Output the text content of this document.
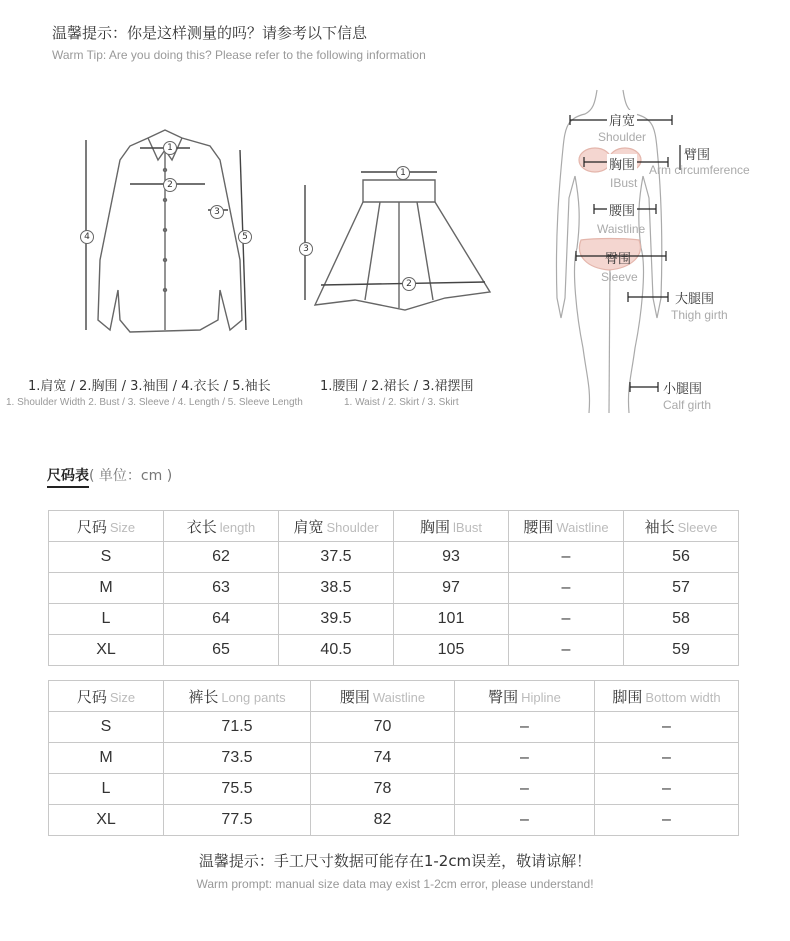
温馨提示：你是这样测量的吗？请参考以下信息
Warm Tip: Are you doing this? Please refer to the following information
1
2
3
4	5
1.肩宽 / 2.胸围 / 3.袖围 / 4.衣长 / 5.袖长
1. Shoulder Width 2. Bust / 3. Sleeve / 4. Length / 5. Sleeve Length
1
2
3
1.腰围 / 2.裙长 / 3.裙摆围
1. Waist / 2. Skirt / 3. Skirt
肩宽
Shoulder
胸围
IBust
臂围
Arm circumference
腰围
Waistline
臀围
Sleeve
大腿围
Thigh girth
小腿围
Calf girth
尺码表( 单位：cm )
尺码 Size	衣长 length	肩宽 Shoulder	胸围 lBust	腰围 Waistline	袖长 Sleeve
S	62	37.5	93	–	56
M	63	38.5	97	–	57
L	64	39.5	101	–	58
XL	65	40.5	105	–	59
尺码 Size	裤长 Long pants	腰围 Waistline	臀围 Hipline	脚围 Bottom width
S	71.5	70	–	–
M	73.5	74	–	–
L	75.5	78	–	–
XL	77.5	82	–	–
温馨提示：手工尺寸数据可能存在1-2cm误差，敬请谅解！
Warm prompt: manual size data may exist 1-2cm error, please understand!
